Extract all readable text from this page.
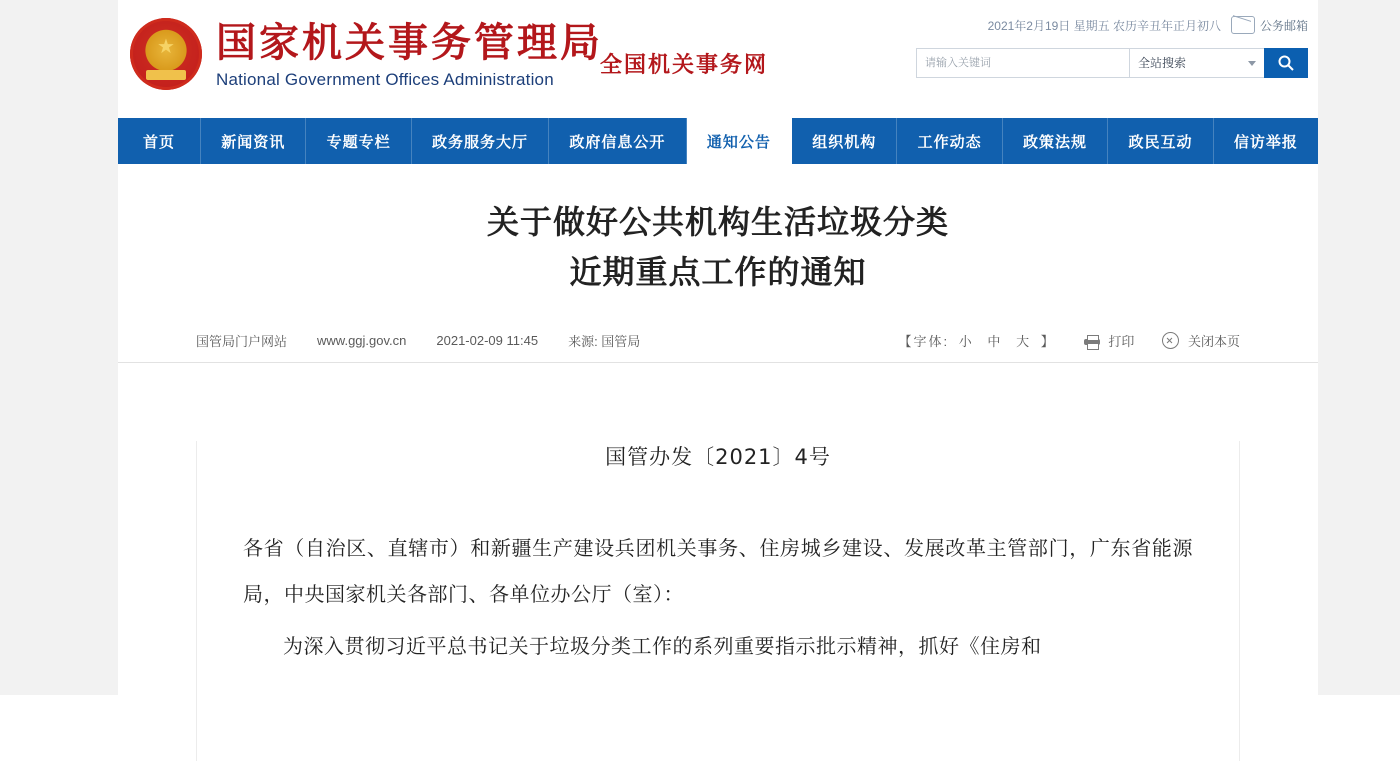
★ 国家机关事务管理局
National Government Offices Administration
全国机关事务网
2021年2月19日 星期五 农历辛丑年正月初八	公务邮箱
请输入关键词	全站搜索
首页	新闻资讯	专题专栏	政务服务大厅	政府信息公开	通知公告	组织机构	工作动态	政策法规	政民互动	信访举报
关于做好公共机构生活垃圾分类
近期重点工作的通知
国管局门户网站 www.ggj.gov.cn 2021-02-09 11:45 来源: 国管局	【字体: 小 中 大 】	打印	关闭本页
国管办发〔2021〕4号
各省（自治区、直辖市）和新疆生产建设兵团机关事务、住房城乡建设、发展改革主管部门，广东省能源局，中央国家机关各部门、各单位办公厅（室）：
为深入贯彻习近平总书记关于垃圾分类工作的系列重要指示批示精神，抓好《住房和
